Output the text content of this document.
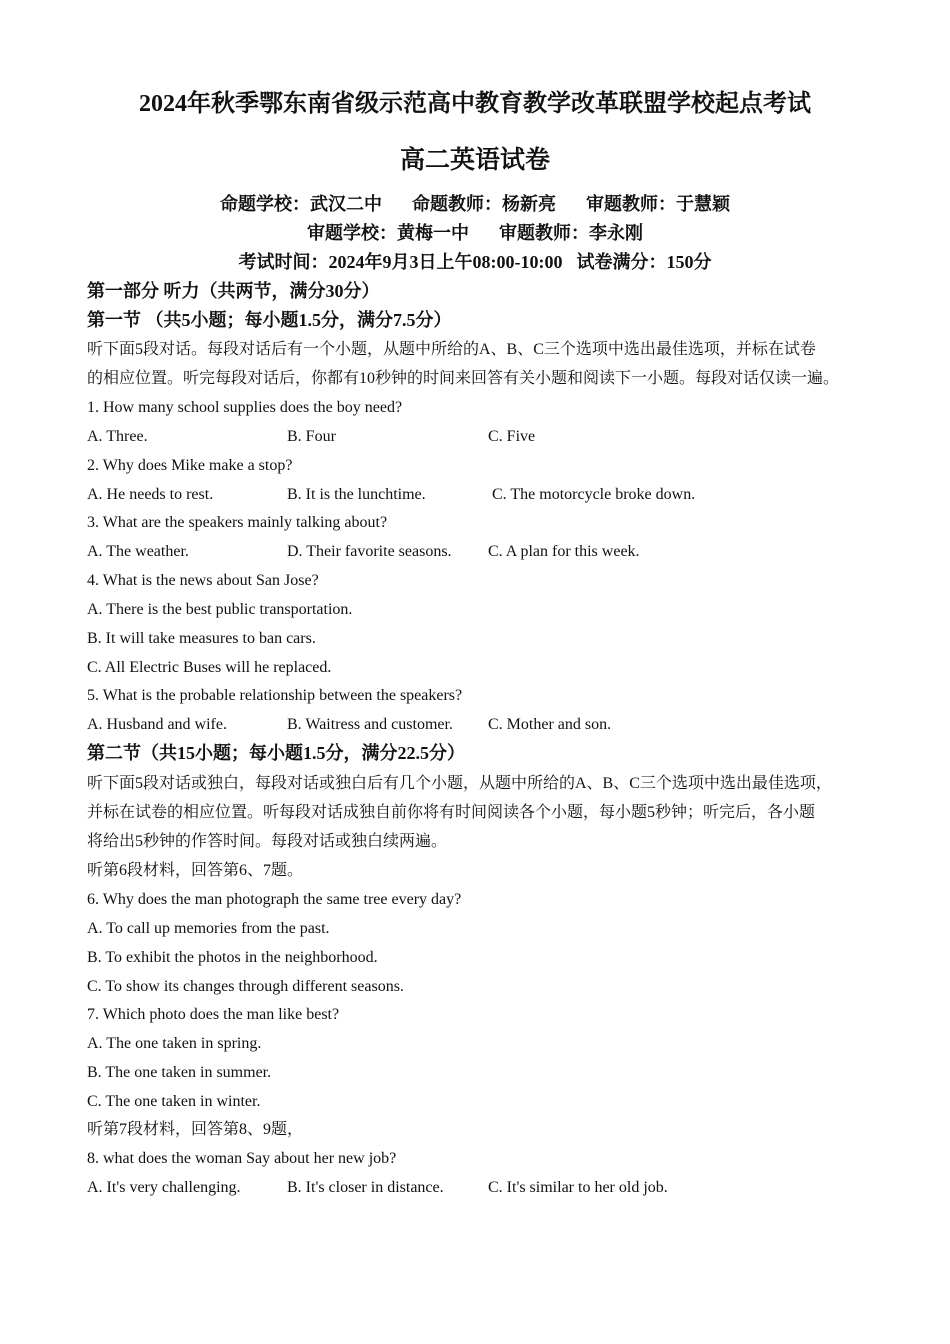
2024年秋季鄂东南省级示范高中教育教学改革联盟学校起点考试
高二英语试卷
命题学校：武汉二中 命题教师：杨新亮 审题教师：于慧颖
审题学校：黄梅一中 审题教师：李永刚
考试时间：2024年9月3日上午08:00-10:00 试卷满分：150分
第一部分 听力（共两节，满分30分）
第一节 （共5小题；每小题1.5分，满分7.5分）
听下面5段对话。每段对话后有一个小题，从题中所给的A、B、C三个选项中选出最佳选项，并标在试卷
的相应位置。听完每段对话后，你都有10秒钟的时间来回答有关小题和阅读下一小题。每段对话仅读一遍。
1. How many school supplies does the boy need?
A. Three.	B. Four	C. Five
2. Why does Mike make a stop?
A. He needs to rest.	B. It is the lunchtime.	C. The motorcycle broke down.
3. What are the speakers mainly talking about?
A. The weather.	D. Their favorite seasons. C. A plan for this week.
4. What is the news about San Jose?
A. There is the best public transportation.
B. It will take measures to ban cars.
C. All Electric Buses will he replaced.
5. What is the probable relationship between the speakers?
A. Husband and wife.	B. Waitress and customer. C. Mother and son.
第二节（共15小题；每小题1.5分，满分22.5分）
听下面5段对话或独白，每段对话或独白后有几个小题，从题中所给的A、B、C三个选项中选出最佳选项，
并标在试卷的相应位置。听每段对话成独自前你将有时间阅读各个小题，每小题5秒钟；听完后，各小题
将给出5秒钟的作答时间。每段对话或独白续两遍。
听第6段材料，回答第6、7题。
6. Why does the man photograph the same tree every day?
A. To call up memories from the past.
B. To exhibit the photos in the neighborhood.
C. To show its changes through different seasons.
7. Which photo does the man like best?
A. The one taken in spring.
B. The one taken in summer.
C. The one taken in winter.
听第7段材料，回答第8、9题，
8. what does the woman Say about her new job?
A. It's very challenging.	B. It's closer in distance.	C. It's similar to her old job.
